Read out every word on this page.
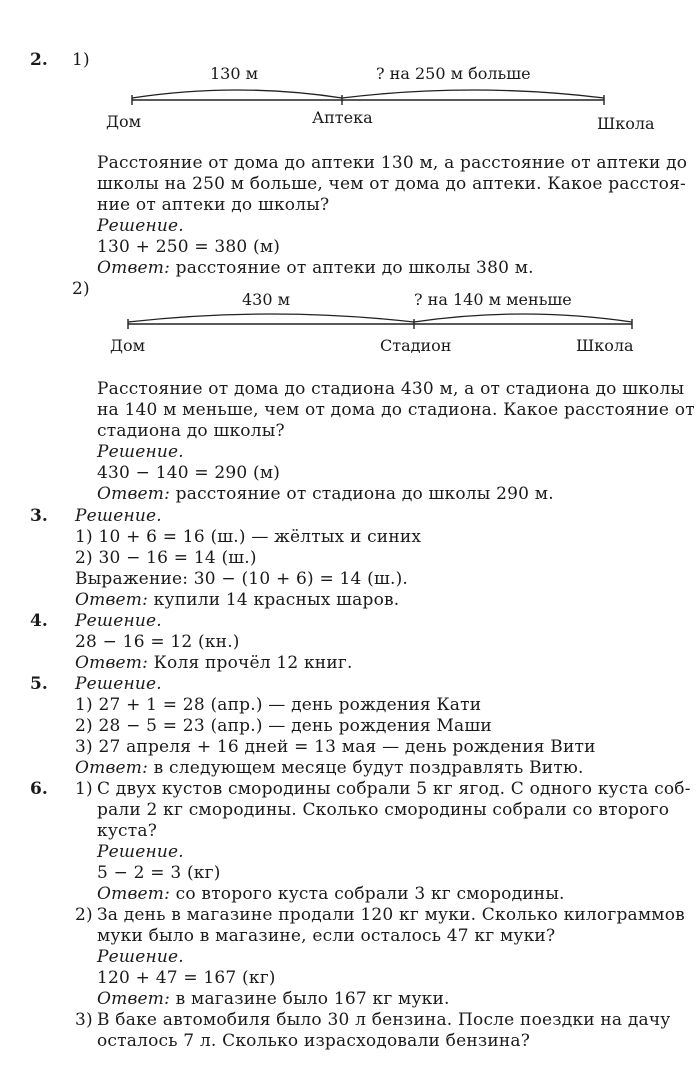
2. 1)
130 м	? на 250 м больше
Дом	Аптека	Школа
Расстояние от дома до аптеки 130 м, а расстояние от аптеки до
школы на 250 м больше, чем от дома до аптеки. Какое расстоя-
ние от аптеки до школы?
Решение.
130 + 250 = 380 (м)
Ответ: расстояние от аптеки до школы 380 м.
2)
430 м	? на 140 м меньше
Дом	Стадион	Школа
Расстояние от дома до стадиона 430 м, а от стадиона до школы
на 140 м меньше, чем от дома до стадиона. Какое расстояние от
стадиона до школы?
Решение.
430 − 140 = 290 (м)
Ответ: расстояние от стадиона до школы 290 м.
3. Решение.
1) 10 + 6 = 16 (ш.) — жёлтых и синих
2) 30 − 16 = 14 (ш.)
Выражение: 30 − (10 + 6) = 14 (ш.).
Ответ: купили 14 красных шаров.
4. Решение.
28 − 16 = 12 (кн.)
Ответ: Коля прочёл 12 книг.
5. Решение.
1) 27 + 1 = 28 (апр.) — день рождения Кати
2) 28 − 5 = 23 (апр.) — день рождения Маши
3) 27 апреля + 16 дней = 13 мая — день рождения Вити
Ответ: в следующем месяце будут поздравлять Витю.
6. 1) С двух кустов смородины собрали 5 кг ягод. С одного куста соб-
рали 2 кг смородины. Сколько смородины собрали со второго
куста?
Решение.
5 − 2 = 3 (кг)
Ответ: со второго куста собрали 3 кг смородины.
2) За день в магазине продали 120 кг муки. Сколько килограммов
муки было в магазине, если осталось 47 кг муки?
Решение.
120 + 47 = 167 (кг)
Ответ: в магазине было 167 кг муки.
3) В баке автомобиля было 30 л бензина. После поездки на дачу
осталось 7 л. Сколько израсходовали бензина?
